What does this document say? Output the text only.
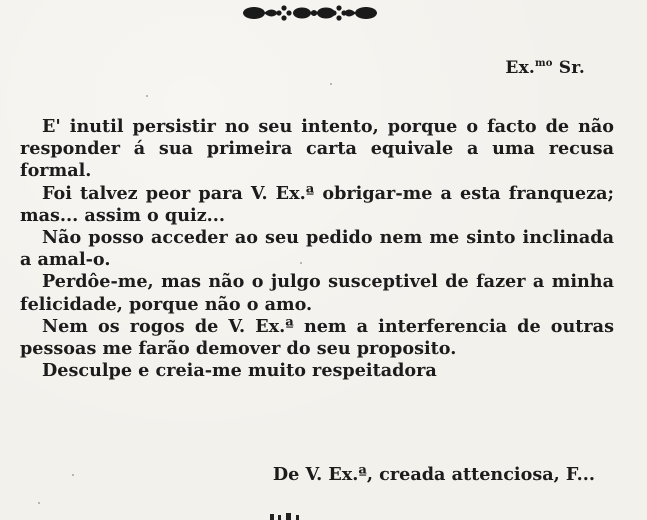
Ex.$^{mo}$ Sr.

E' inutil persistir no seu intento, porque o facto de não responder á sua primeira carta equivale a uma recusa formal.

Foi talvez peor para V. Ex.ª obrigar-me a esta franqueza; mas... assim o quiz...

Não posso acceder ao seu pedido nem me sinto inclinada a amal-o.

Perdôe-me, mas não o julgo susceptivel de fazer a minha felicidade, porque não o amo.

Nem os rogos de V. Ex.ª nem a interferencia de outras pessoas me farão demover do seu proposito.

Desculpe e creia-me muito respeitadora

De V. Ex.ª, creada attenciosa, F...
